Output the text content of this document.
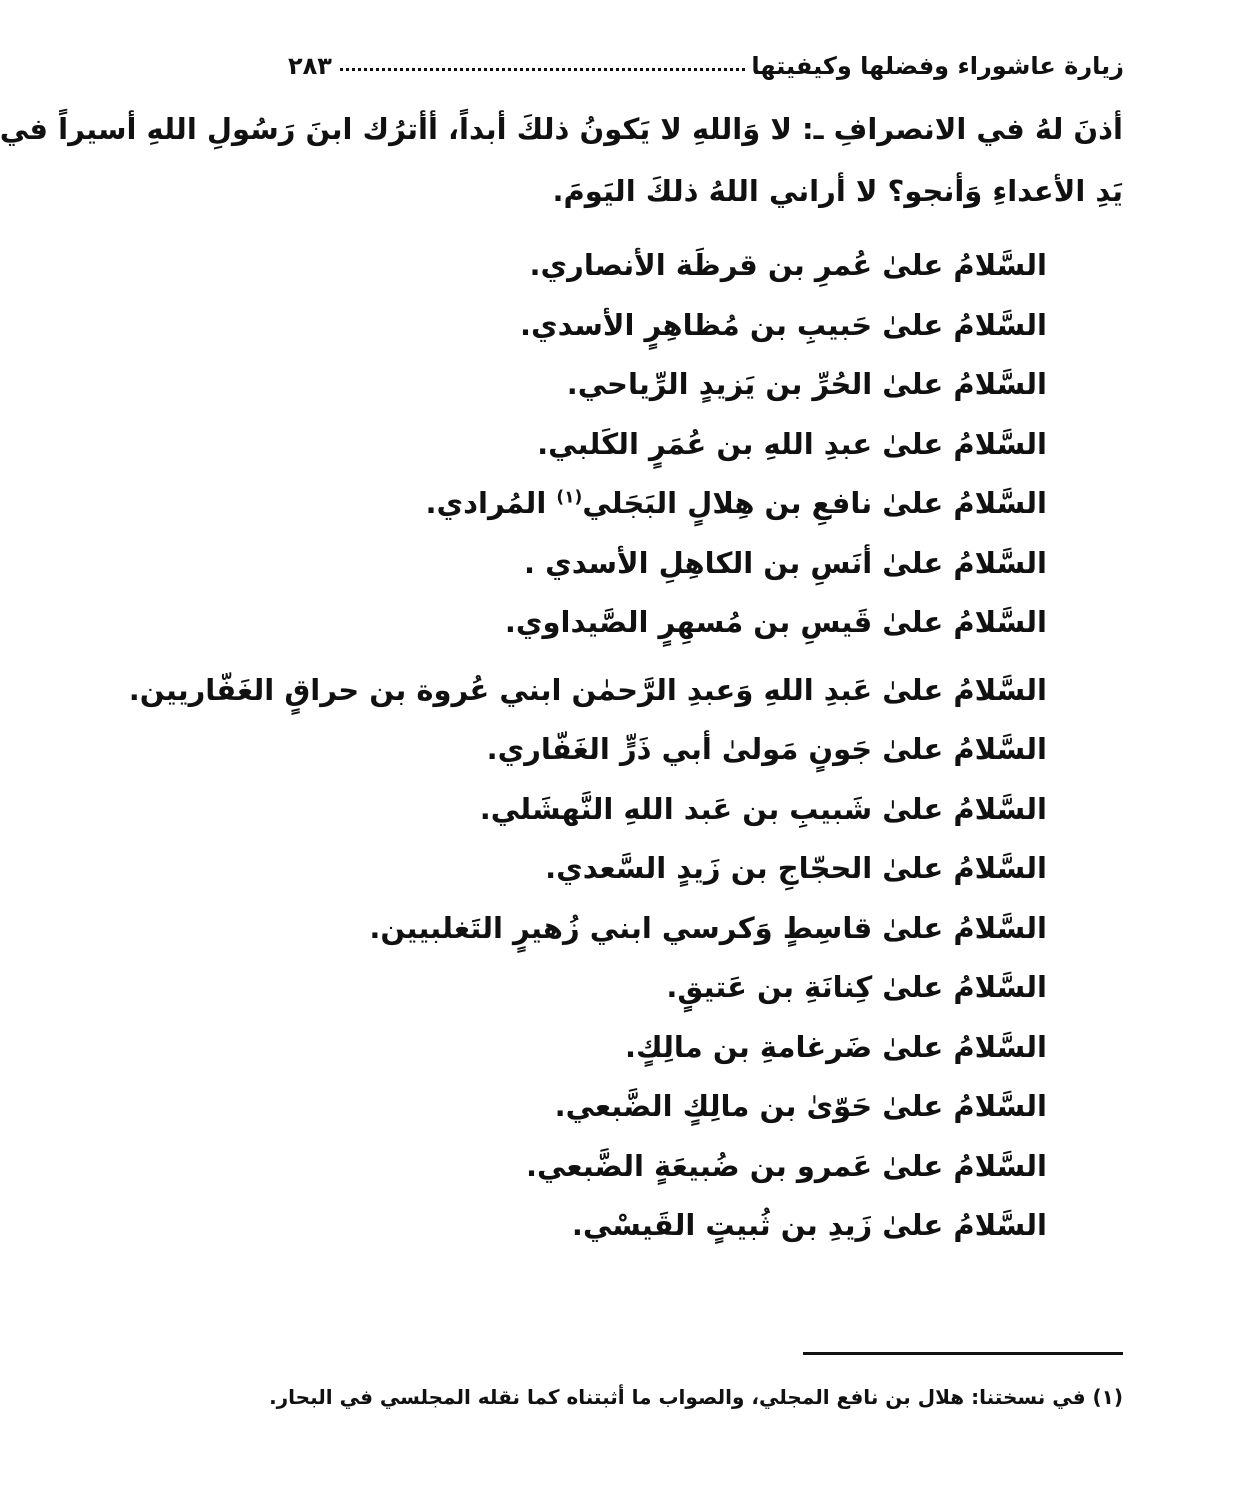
زيارة عاشوراء وفضلها وكيفيتها
٢٨٣
أذنَ لهُ في الانصرافِ ـ: لا وَاللهِ لا يَكونُ ذلكَ أبداً، أأترُك ابنَ رَسُولِ اللهِ أسيراً في
يَدِ الأعداءِ وَأنجو؟ لا أراني اللهُ ذلكَ اليَومَ.
السَّلامُ علىٰ عُمرِ بن قرظَة الأنصاري.
السَّلامُ علىٰ حَبيبِ بن مُظاهِرٍ الأسدي.
السَّلامُ علىٰ الحُرِّ بن يَزيدٍ الرِّياحي.
السَّلامُ علىٰ عبدِ اللهِ بن عُمَرٍ الكَلبي.
السَّلامُ علىٰ نافعِ بن هِلالٍ البَجَلي$^{(١)}$ المُرادي.
السَّلامُ علىٰ أنَسِ بن الكاهِلِ الأسدي .
السَّلامُ علىٰ قَيسِ بن مُسهِرٍ الصَّيداوي.
السَّلامُ علىٰ عَبدِ اللهِ وَعبدِ الرَّحمٰن ابني عُروة بن حراقٍ الغَفّاريين.
السَّلامُ علىٰ جَونٍ مَولىٰ أبي ذَرٍّ الغَفّاري.
السَّلامُ علىٰ شَبيبِ بن عَبد اللهِ النَّهشَلي.
السَّلامُ علىٰ الحجّاجِ بن زَيدٍ السَّعدي.
السَّلامُ علىٰ قاسِطٍ وَكرسي ابني زُهيرٍ التَغلبيين.
السَّلامُ علىٰ كِنانَةِ بن عَتيقٍ.
السَّلامُ علىٰ ضَرغامةِ بن مالِكٍ.
السَّلامُ علىٰ حَوّىٰ بن مالِكٍ الضَّبعي.
السَّلامُ علىٰ عَمرو بن ضُبيعَةٍ الضَّبعي.
السَّلامُ علىٰ زَيدِ بن ثُبيتٍ القَيسْي.
(١) في نسختنا: هلال بن نافع المجلي، والصواب ما أثبتناه كما نقله المجلسي في البحار.
